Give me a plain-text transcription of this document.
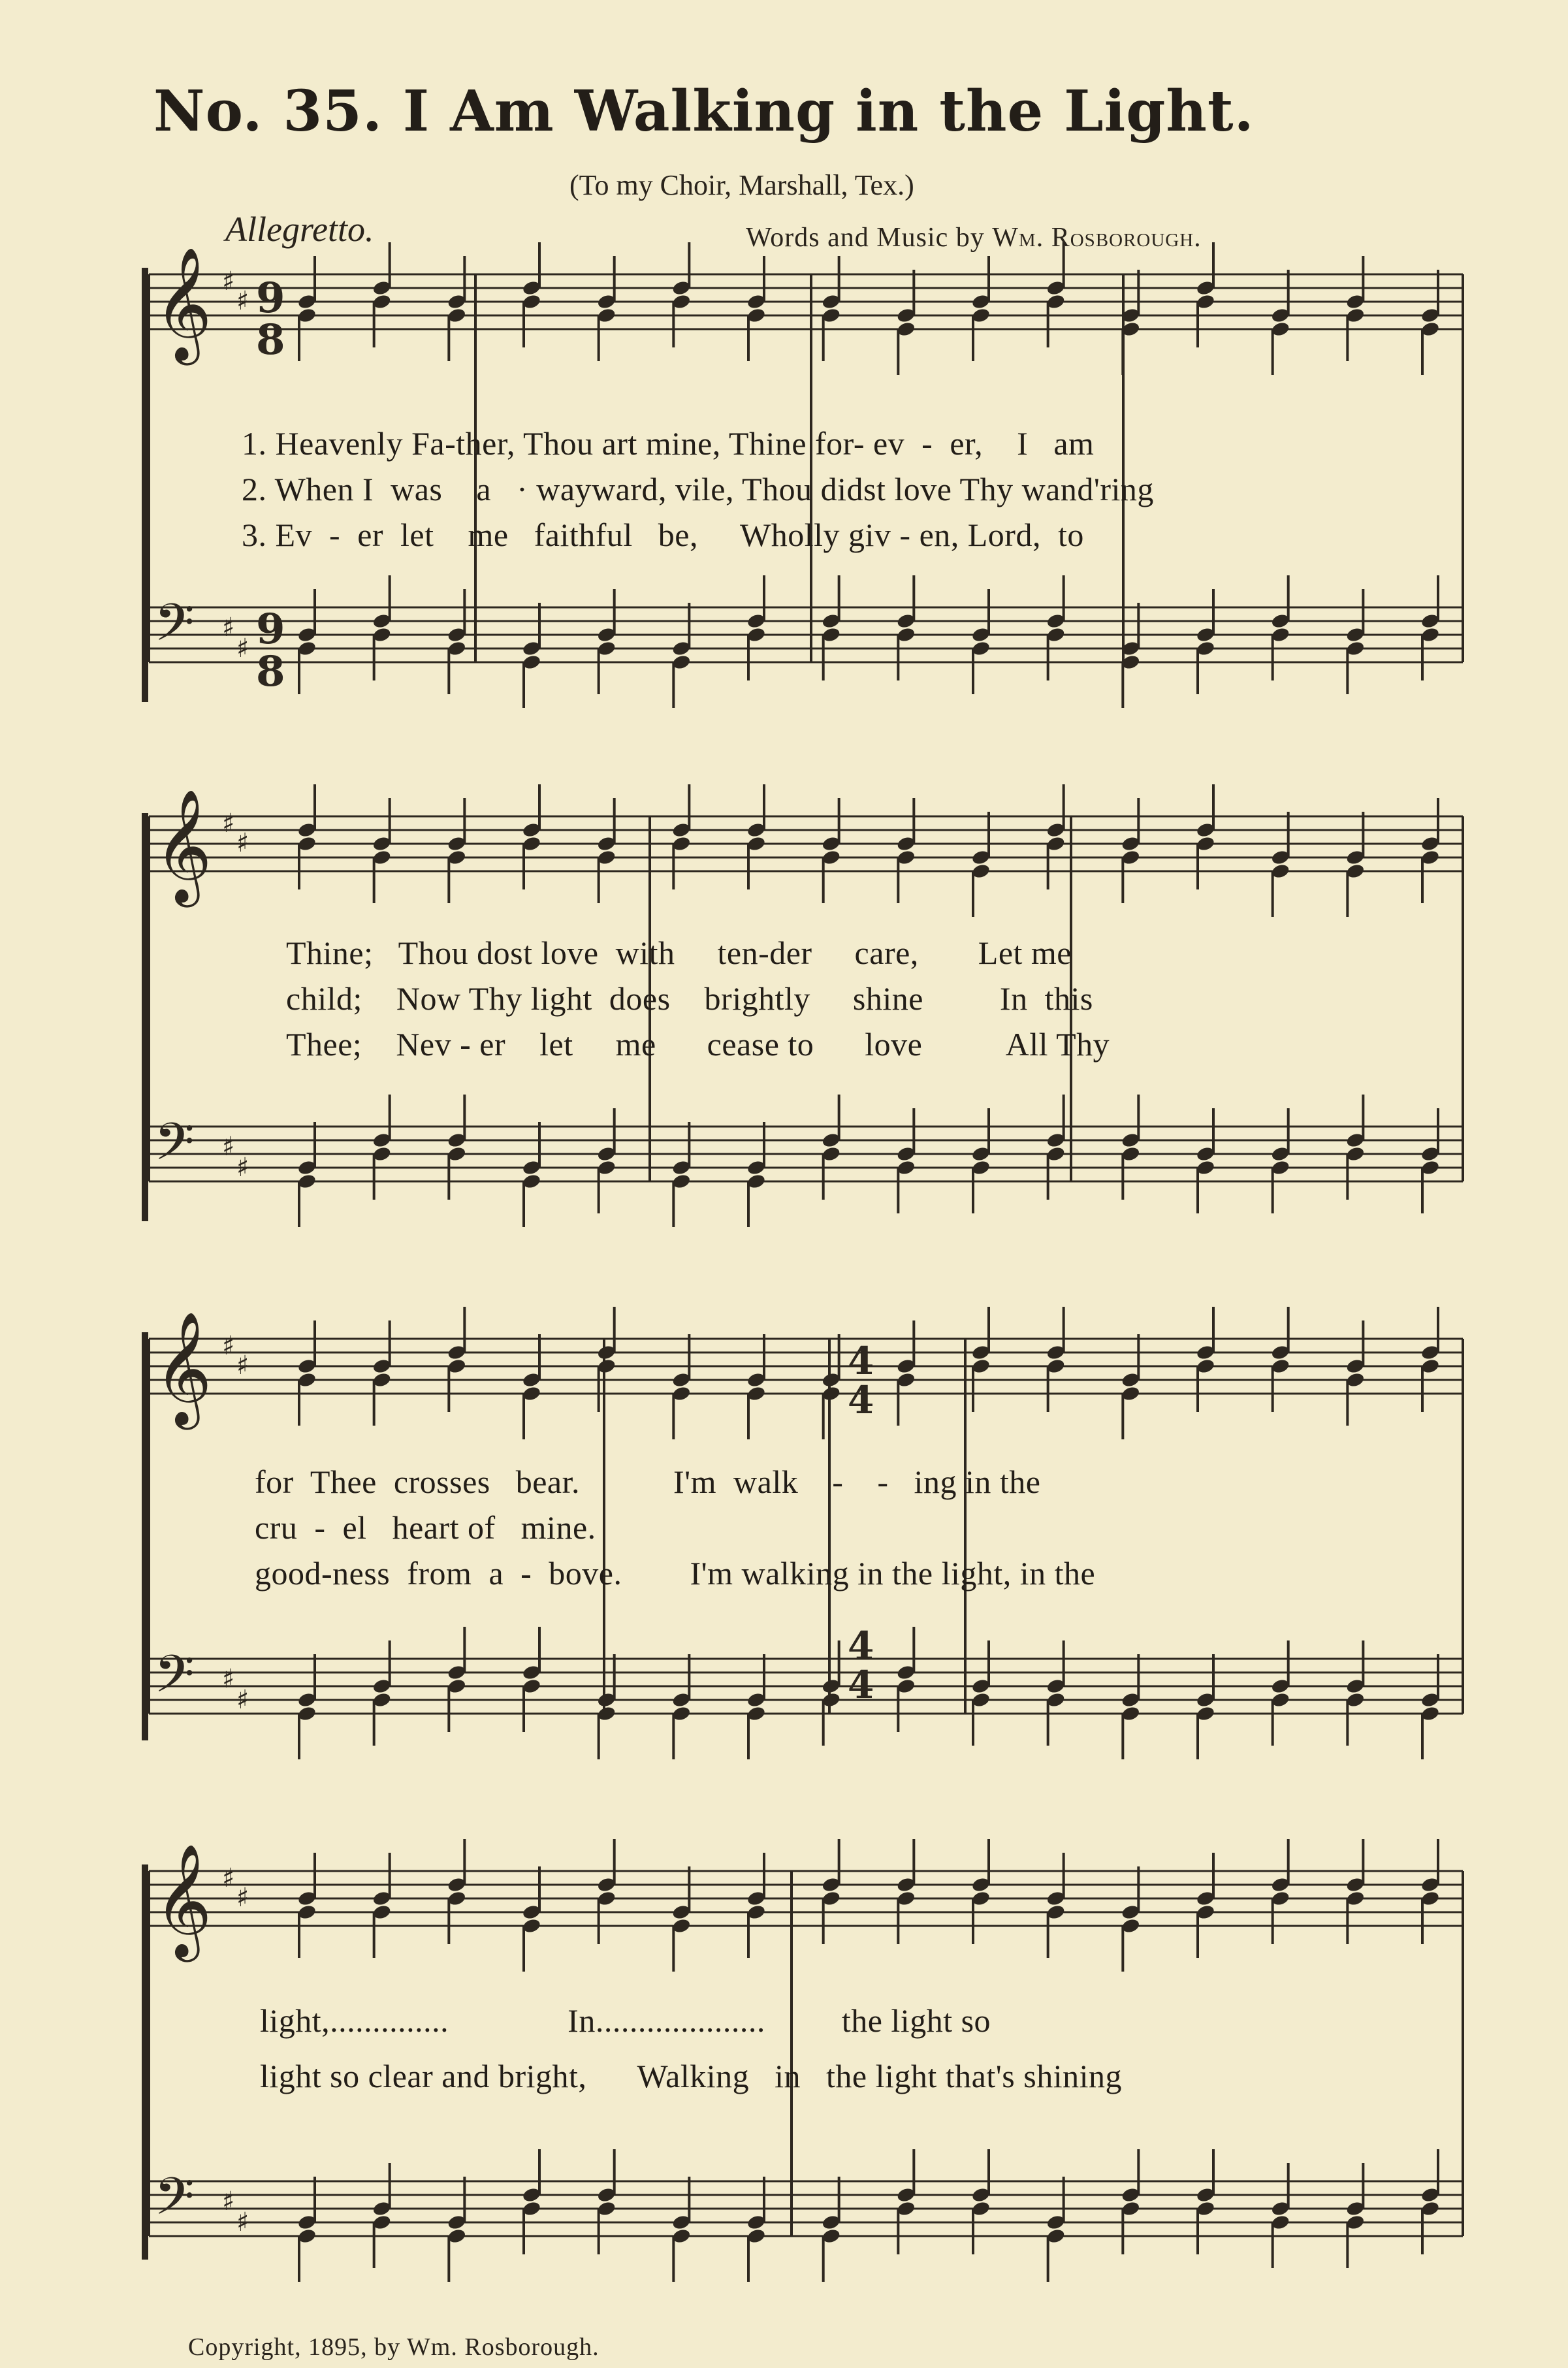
No. 35. I Am Walking in the Light.
(To my Choir, Marshall, Tex.)
Allegretto.	Words and Music by Wm. Rosborough.
𝄞 ♯
♯
𝄢 ♯
♯
𝄞 ♯
♯
𝄢 ♯
♯
𝄞 ♯
♯
𝄢 ♯
♯
𝄞 ♯
♯
𝄢 ♯
♯
9
8
9
8
4
4
4
4
1. Heavenly Fa-ther, Thou art mine, Thine for- ev  -  er,    I   am
2. When I  was    a   · wayward, vile, Thou didst love Thy wand'ring
3. Ev  -  er  let    me   faithful   be,     Wholly giv - en, Lord,  to
Thine;   Thou dost love  with     ten-der     care,       Let me
child;    Now Thy light  does    brightly     shine         In  this
Thee;    Nev - er    let     me      cease to      love          All Thy
for  Thee  crosses   bear.           I'm  walk    -    -   ing in the
cru  -  el   heart of   mine.
good-ness  from  a  -  bove.        I'm walking in the light, in the
light,..............              In....................         the light so
light so clear and bright,      Walking   in   the light that's shining
Copyright, 1895, by Wm. Rosborough.
